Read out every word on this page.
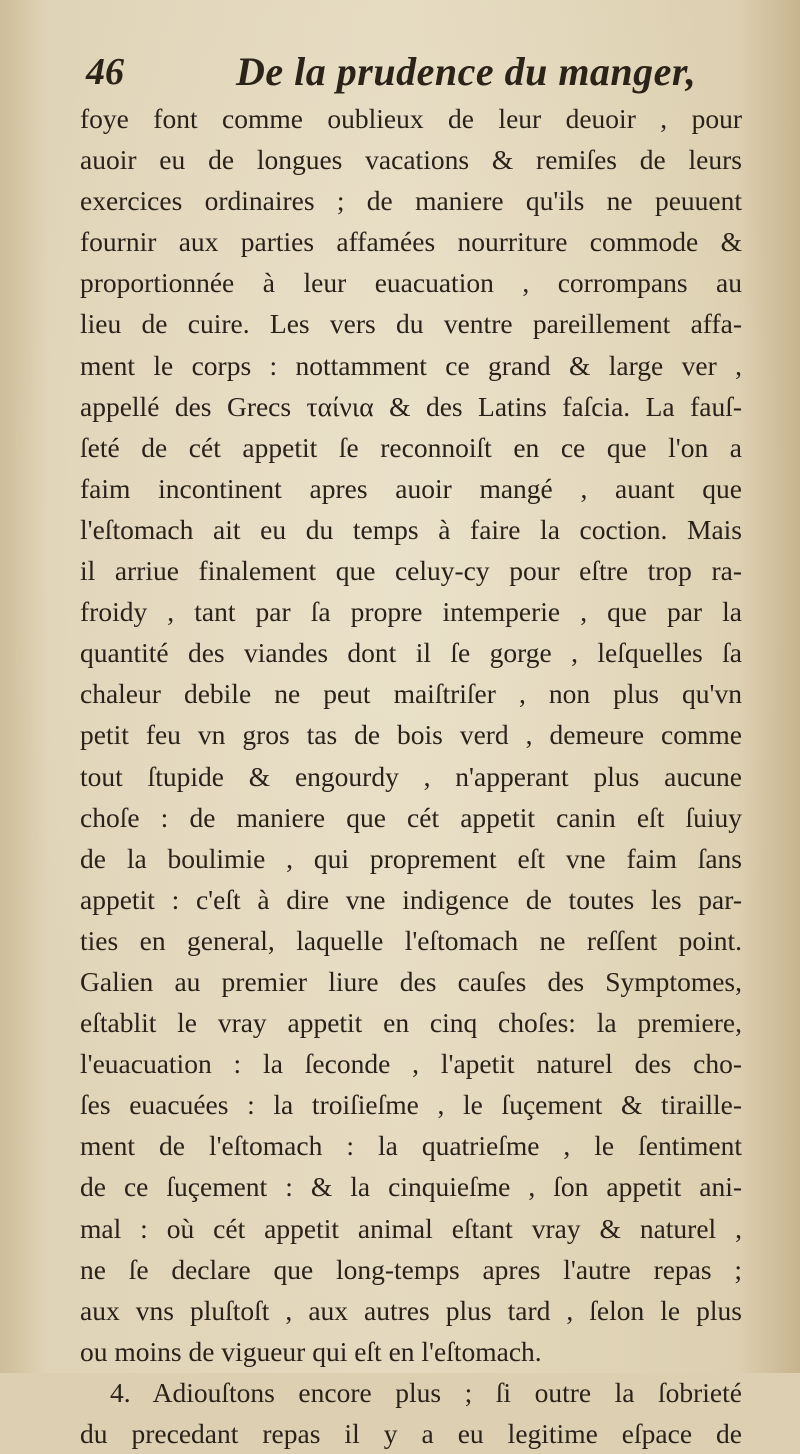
46	De la prudence du manger,
foye font comme oublieux de leur deuoir , pour
auoir eu de longues vacations & remiſes de leurs
exercices ordinaires ; de maniere qu'ils ne peuuent
fournir aux parties affamées nourriture commode &
proportionnée à leur euacuation , corrompans au
lieu de cuire. Les vers du ventre pareillement affa-
ment le corps : nottamment ce grand & large ver ,
appellé des Grecs ταίνια & des Latins faſcia. La fauſ-
ſeté de cét appetit ſe reconnoiſt en ce que l'on a
faim incontinent apres auoir mangé , auant que
l'eſtomach ait eu du temps à faire la coction. Mais
il arriue finalement que celuy-cy pour eſtre trop ra-
froidy , tant par ſa propre intemperie , que par la
quantité des viandes dont il ſe gorge , leſquelles ſa
chaleur debile ne peut maiſtriſer , non plus qu'vn
petit feu vn gros tas de bois verd , demeure comme
tout ſtupide & engourdy , n'apperant plus aucune
choſe : de maniere que cét appetit canin eſt ſuiuy
de la boulimie , qui proprement eſt vne faim ſans
appetit : c'eſt à dire vne indigence de toutes les par-
ties en general, laquelle l'eſtomach ne reſſent point.
Galien au premier liure des cauſes des Symptomes,
eſtablit le vray appetit en cinq choſes: la premiere,
l'euacuation : la ſeconde , l'apetit naturel des cho-
ſes euacuées : la troiſieſme , le ſuçement & tiraille-
ment de l'eſtomach : la quatrieſme , le ſentiment
de ce ſuçement : & la cinquieſme , ſon appetit ani-
mal : où cét appetit animal eſtant vray & naturel ,
ne ſe declare que long-temps apres l'autre repas ;
aux vns pluſtoſt , aux autres plus tard , ſelon le plus
ou moins de vigueur qui eſt en l'eſtomach.
4. Adiouſtons encore plus ; ſi outre la ſobrieté
du precedant repas il y a eu legitime eſpace de
